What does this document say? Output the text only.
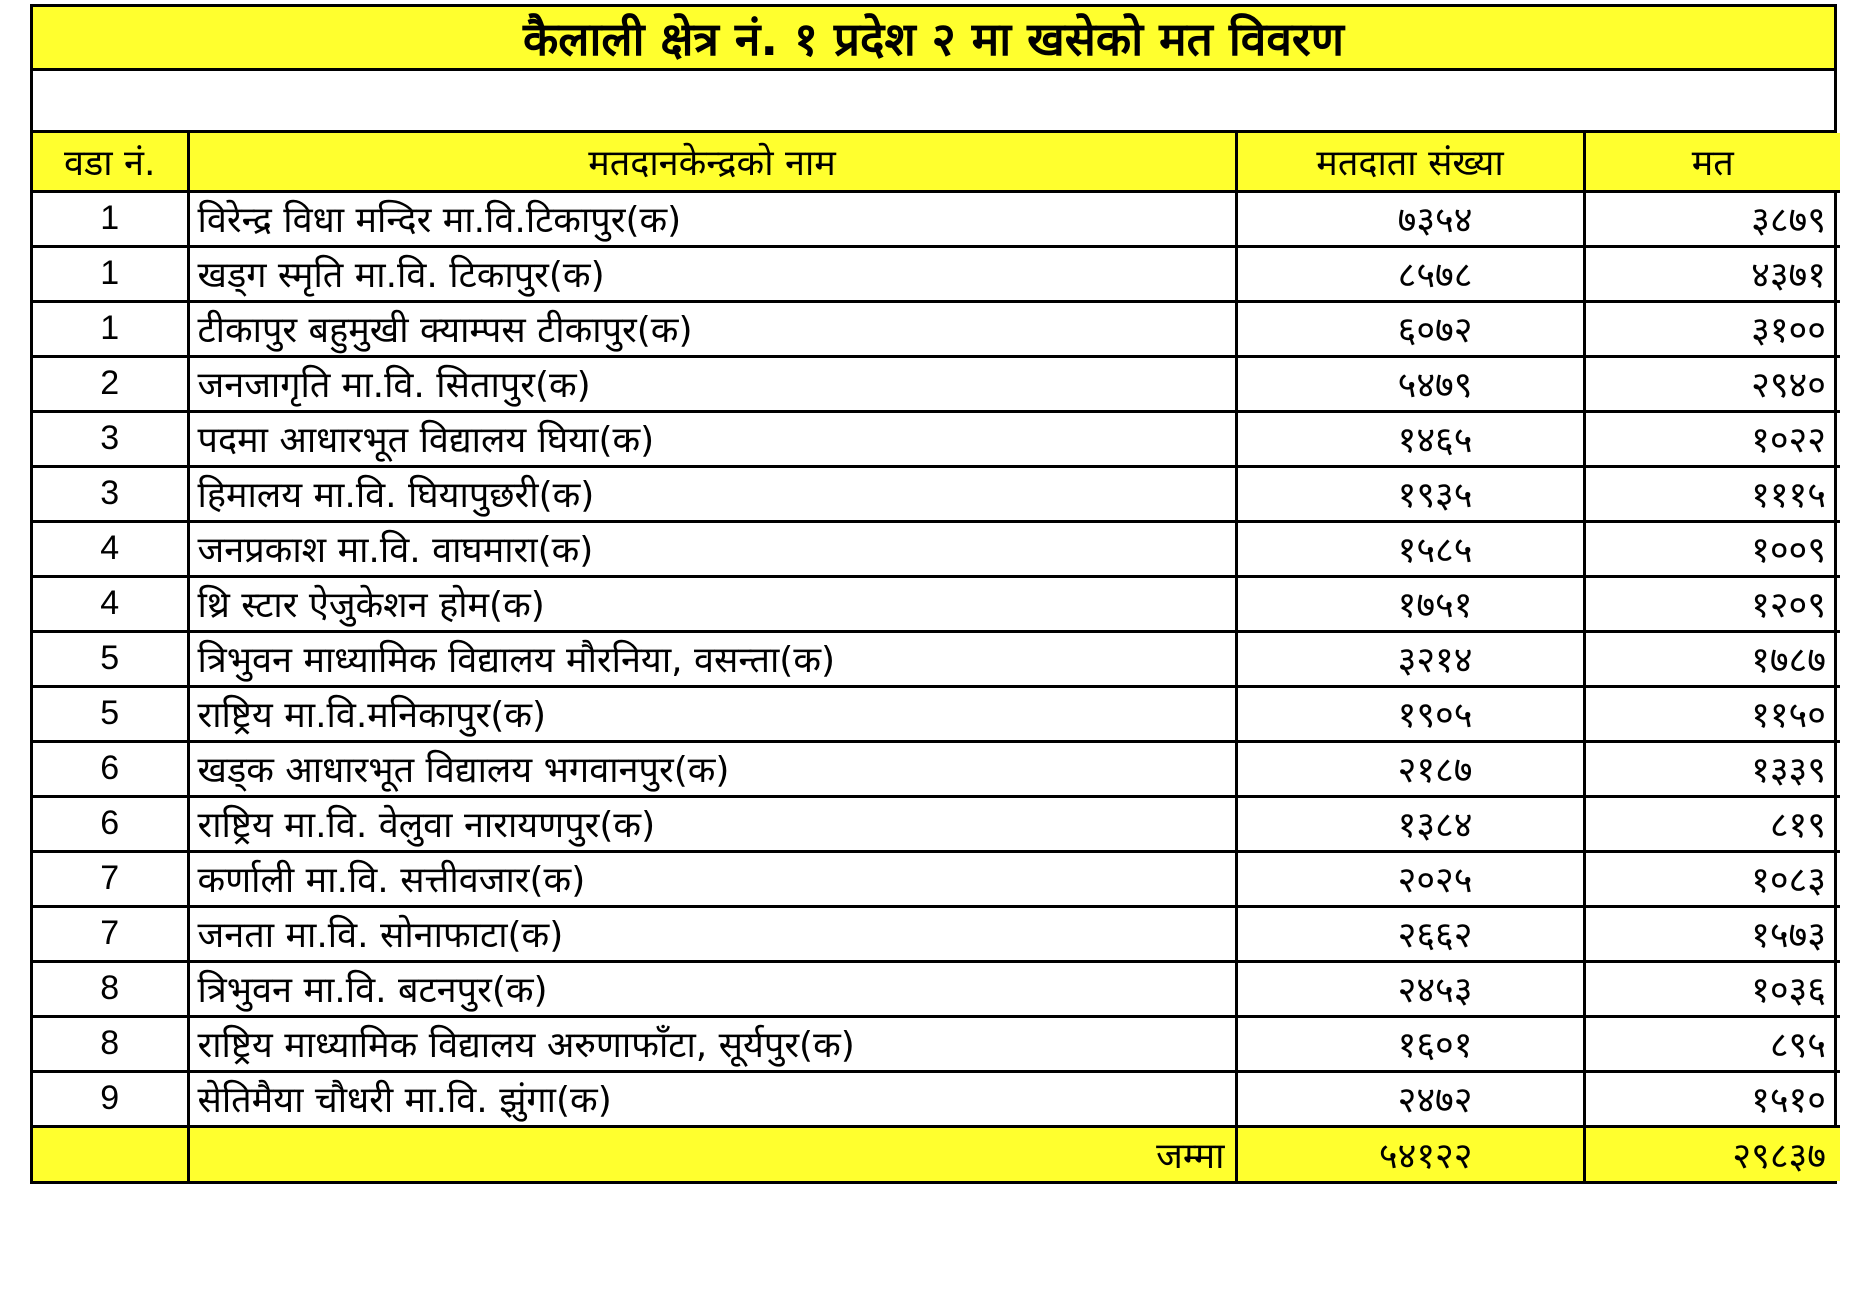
कैलाली क्षेत्र नं. १ प्रदेश २ मा खसेको मत विवरण
वडा नं.	मतदानकेन्द्रको नाम	मतदाता संख्या	मत
1	विरेन्द्र विधा मन्दिर मा.वि.टिकापुर(क)	७३५४	३८७९
1	खड्ग स्मृति मा.वि. टिकापुर(क)	८५७८	४३७१
1	टीकापुर बहुमुखी क्याम्पस टीकापुर(क)	६०७२	३१००
2	जनजागृति मा.वि. सितापुर(क)	५४७९	२९४०
3	पदमा आधारभूत विद्यालय घिया(क)	१४६५	१०२२
3	हिमालय मा.वि. घियापुछरी(क)	१९३५	१११५
4	जनप्रकाश मा.वि. वाघमारा(क)	१५८५	१००९
4	थ्रि स्टार ऐजुकेशन होम(क)	१७५१	१२०९
5	त्रिभुवन माध्यामिक विद्यालय मौरनिया, वसन्ता(क)	३२१४	१७८७
5	राष्ट्रिय मा.वि.मनिकापुर(क)	१९०५	११५०
6	खड्क आधारभूत विद्यालय भगवानपुर(क)	२१८७	१३३९
6	राष्ट्रिय मा.वि. वेलुवा नारायणपुर(क)	१३८४	८१९
7	कर्णाली मा.वि. सत्तीवजार(क)	२०२५	१०८३
7	जनता मा.वि. सोनाफाटा(क)	२६६२	१५७३
8	त्रिभुवन मा.वि. बटनपुर(क)	२४५३	१०३६
8	राष्ट्रिय माध्यामिक विद्यालय अरुणाफाँटा, सूर्यपुर(क)	१६०१	८९५
9	सेतिमैया चौधरी मा.वि. झुंगा(क)	२४७२	१५१०
	जम्मा	५४१२२	२९८३७
